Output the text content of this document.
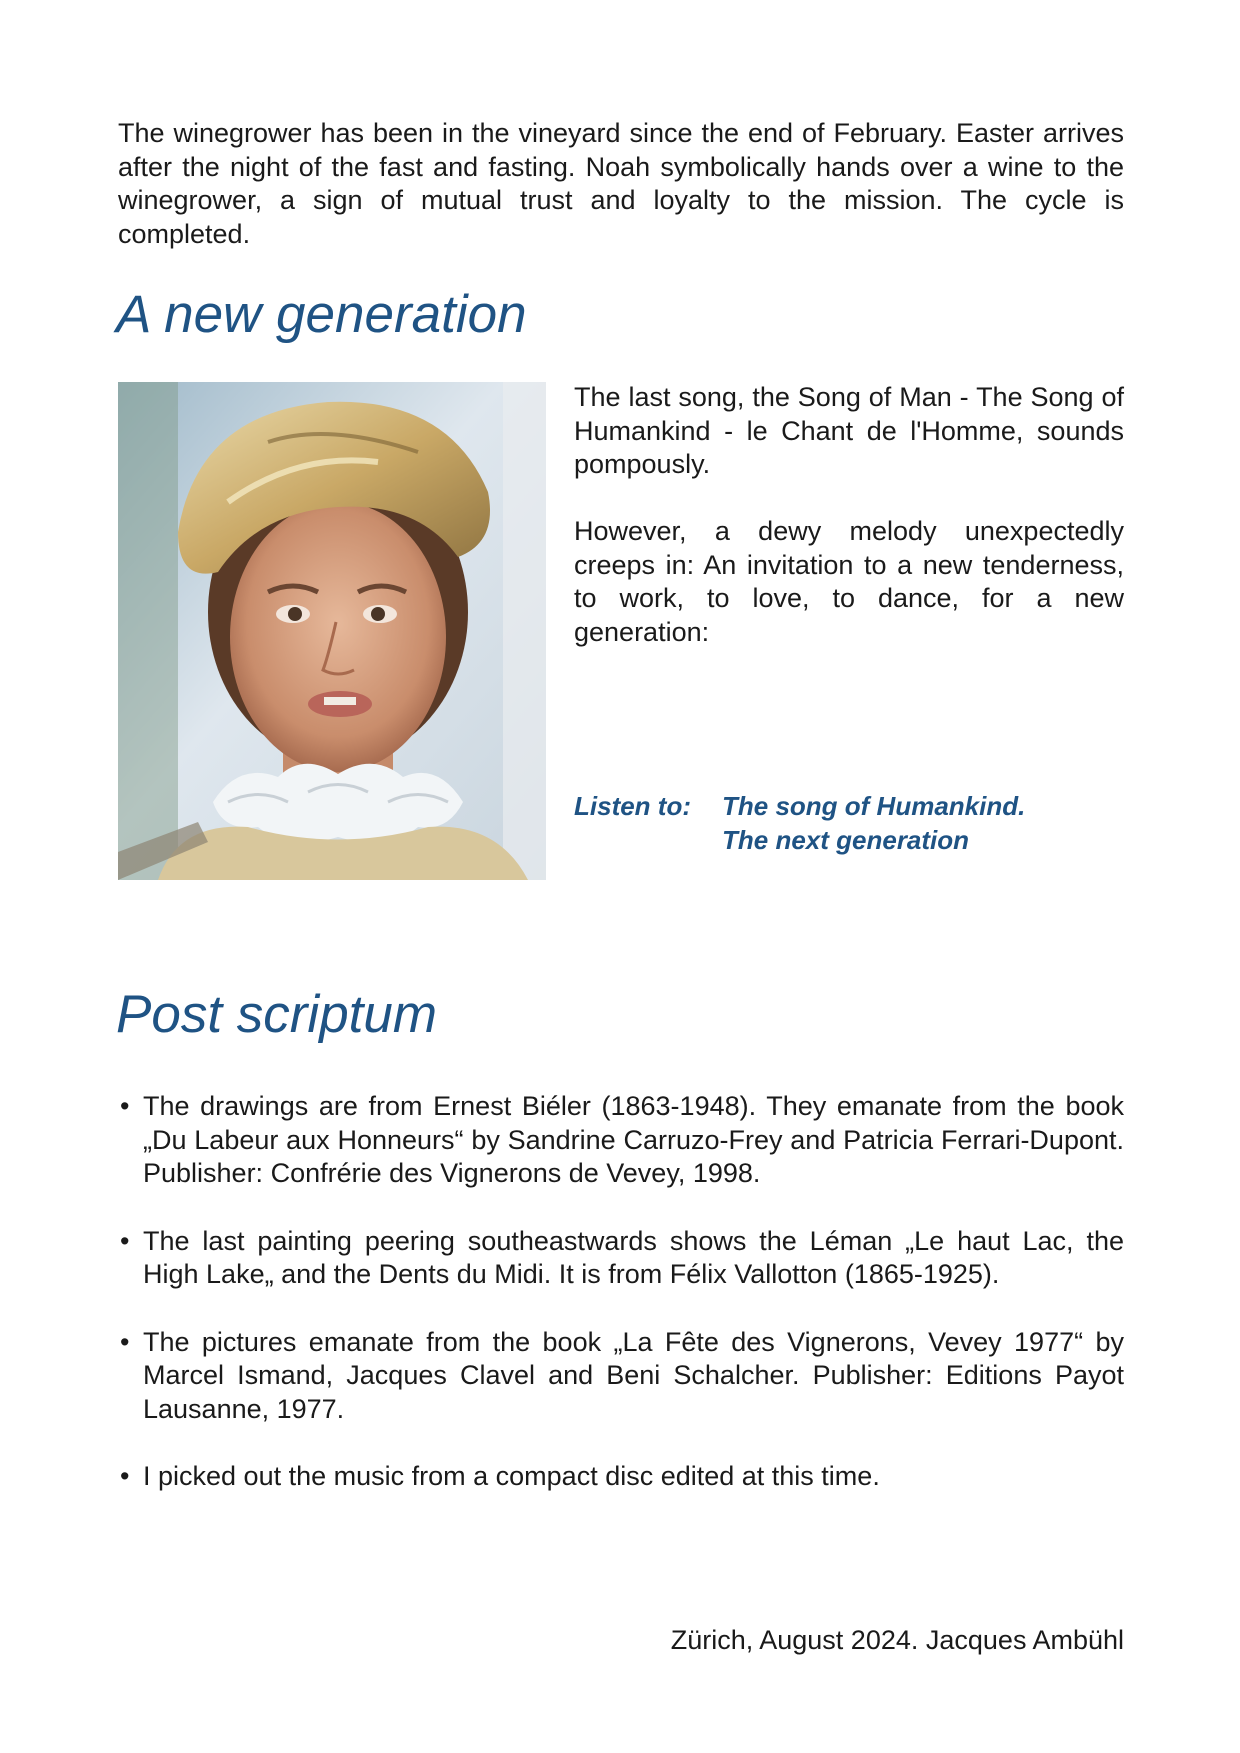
The winegrower has been in the vineyard since the end of February. Easter arrives after the night of the fast and fasting. Noah symbolically hands over a wine to the winegrower, a sign of mutual trust and loyalty to the mission. The cycle is completed.

A new generation

The last song, the Song of Man - The Song of Humankind - le Chant de l'Homme, sounds pompously.

However, a dewy melody unexpectedly creeps in: An invitation to a new tenderness, to work, to love, to dance, for a new generation:

Listen to: The song of Humankind.
The next generation
Post scriptum
• The drawings are from Ernest Biéler (1863-1948). They emanate from the book „Du Labeur aux Honneurs“ by Sandrine Carruzo-Frey and Patricia Ferrari-Dupont. Publisher: Confrérie des Vignerons de Vevey, 1998.
• The last painting peering southeastwards shows the Léman „Le haut Lac, the High Lake„ and the Dents du Midi. It is from Félix Vallotton (1865-1925).
• The pictures emanate from the book „La Fête des Vignerons, Vevey 1977“ by Marcel Ismand, Jacques Clavel and Beni Schalcher. Publisher: Editions Payot Lausanne, 1977.
• I picked out the music from a compact disc edited at this time.
Zürich, August 2024. Jacques Ambühl
